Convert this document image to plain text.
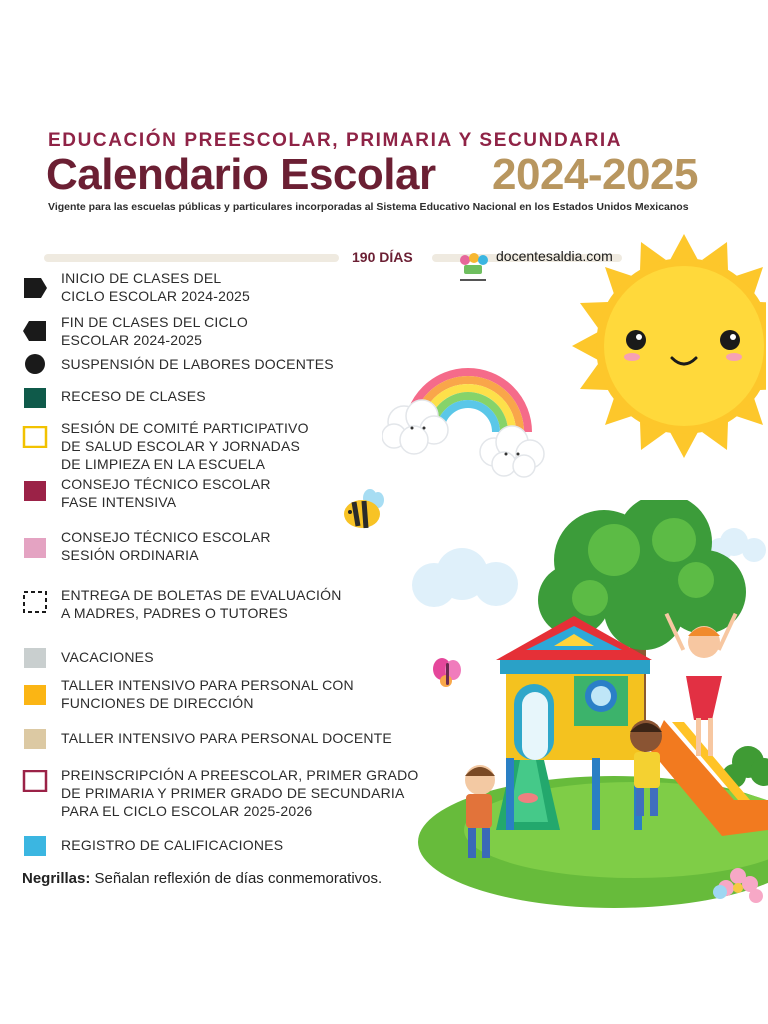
EDUCACIÓN PREESCOLAR, PRIMARIA Y SECUNDARIA
Calendario Escolar 2024-2025
Vigente para las escuelas públicas y particulares incorporadas al Sistema Educativo Nacional en los Estados Unidos Mexicanos
190 DÍAS	docentesaldia.com
INICIO DE CLASES DEL
CICLO ESCOLAR 2024-2025
FIN DE CLASES DEL CICLO
ESCOLAR 2024-2025
SUSPENSIÓN DE LABORES DOCENTES
RECESO DE CLASES
SESIÓN DE COMITÉ PARTICIPATIVO
DE SALUD ESCOLAR Y JORNADAS
DE LIMPIEZA EN LA ESCUELA
CONSEJO TÉCNICO ESCOLAR
FASE INTENSIVA
CONSEJO TÉCNICO ESCOLAR
SESIÓN ORDINARIA
ENTREGA DE BOLETAS DE EVALUACIÓN
A MADRES, PADRES O TUTORES
VACACIONES
TALLER INTENSIVO PARA PERSONAL CON
FUNCIONES DE DIRECCIÓN
TALLER INTENSIVO PARA PERSONAL DOCENTE
PREINSCRIPCIÓN A PREESCOLAR, PRIMER GRADO
DE PRIMARIA Y PRIMER GRADO DE SECUNDARIA
PARA EL CICLO ESCOLAR 2025-2026
REGISTRO DE CALIFICACIONES
Negrillas: Señalan reflexión de días conmemorativos.
